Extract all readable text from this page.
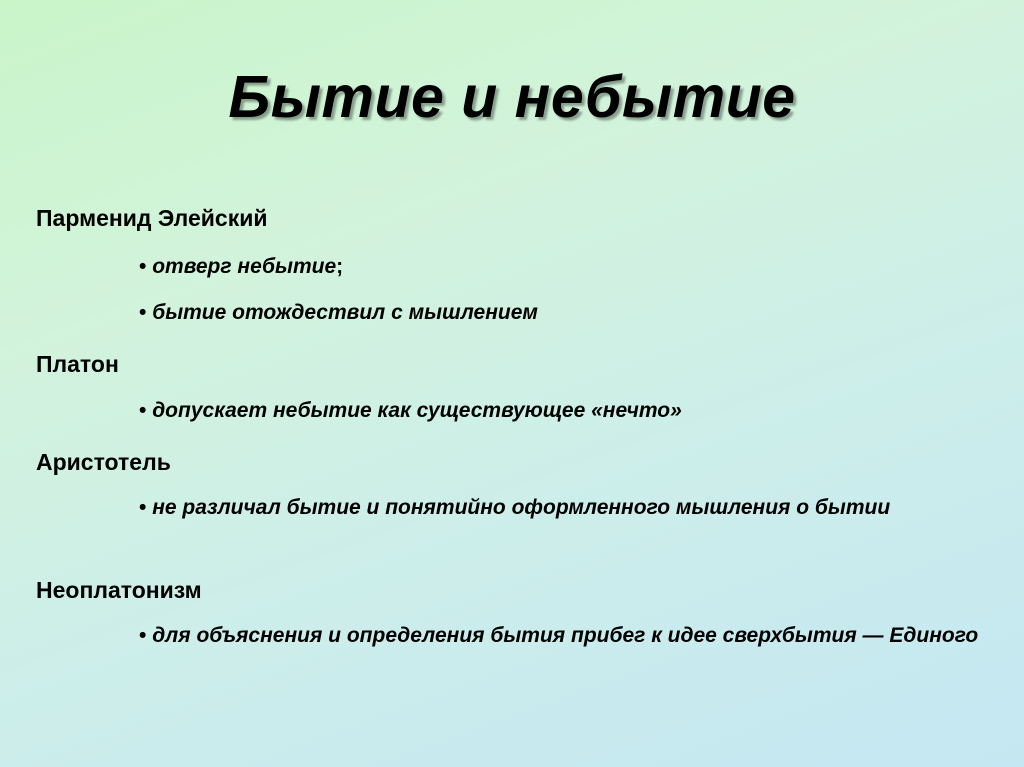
Бытие и небытие
Парменид Элейский
• отверг небытие;
• бытие отождествил с мышлением
Платон
• допускает небытие как существующее «нечто»
Аристотель
• не различал бытие и понятийно оформленного мышления о бытии
Неоплатонизм
• для объяснения и определения бытия прибег к идее сверхбытия — Единого
